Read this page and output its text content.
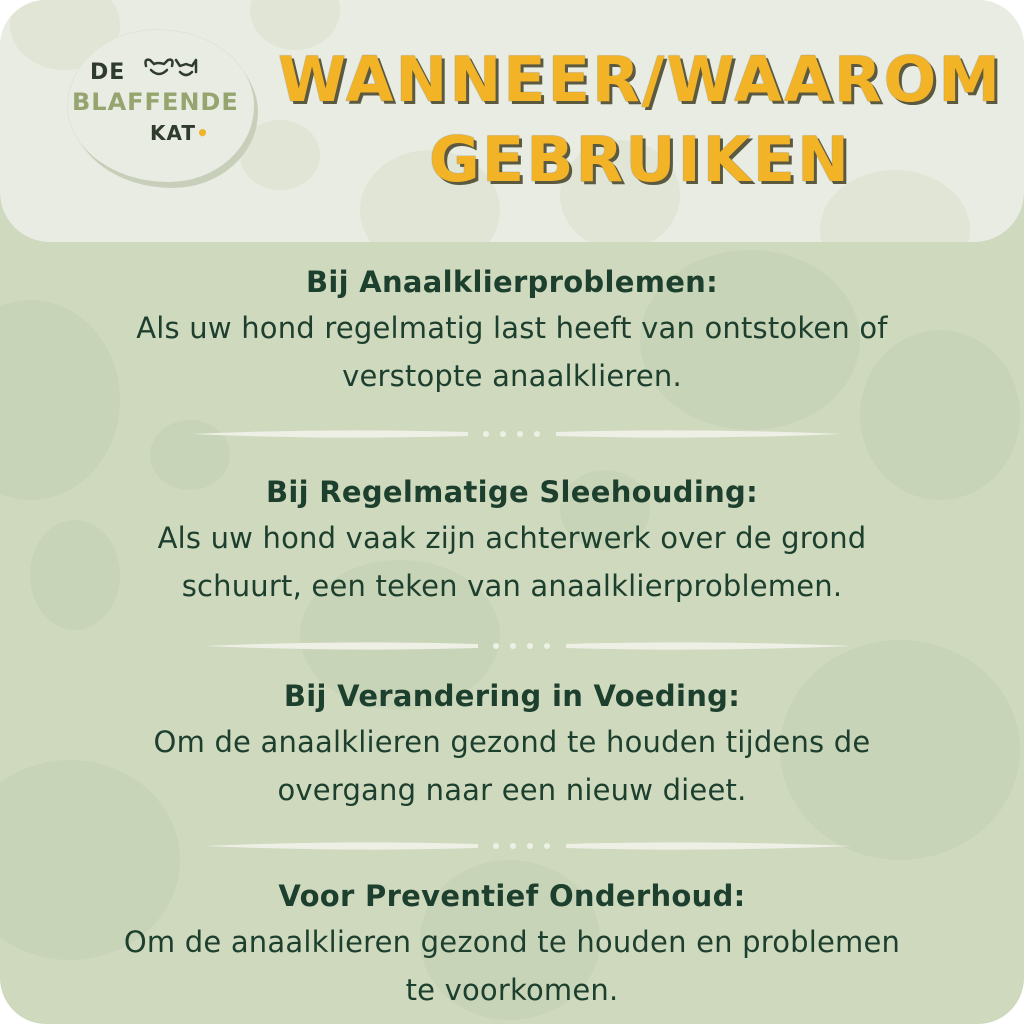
DE
BLAFFENDE
KAT•
WANNEER/WAAROM
GEBRUIKEN
Bij Anaalklierproblemen:
Als uw hond regelmatig last heeft van ontstoken of
verstopte anaalklieren.
Bij Regelmatige Sleehouding:
Als uw hond vaak zijn achterwerk over de grond
schuurt, een teken van anaalklierproblemen.
Bij Verandering in Voeding:
Om de anaalklieren gezond te houden tijdens de
overgang naar een nieuw dieet.
Voor Preventief Onderhoud:
Om de anaalklieren gezond te houden en problemen
te voorkomen.
